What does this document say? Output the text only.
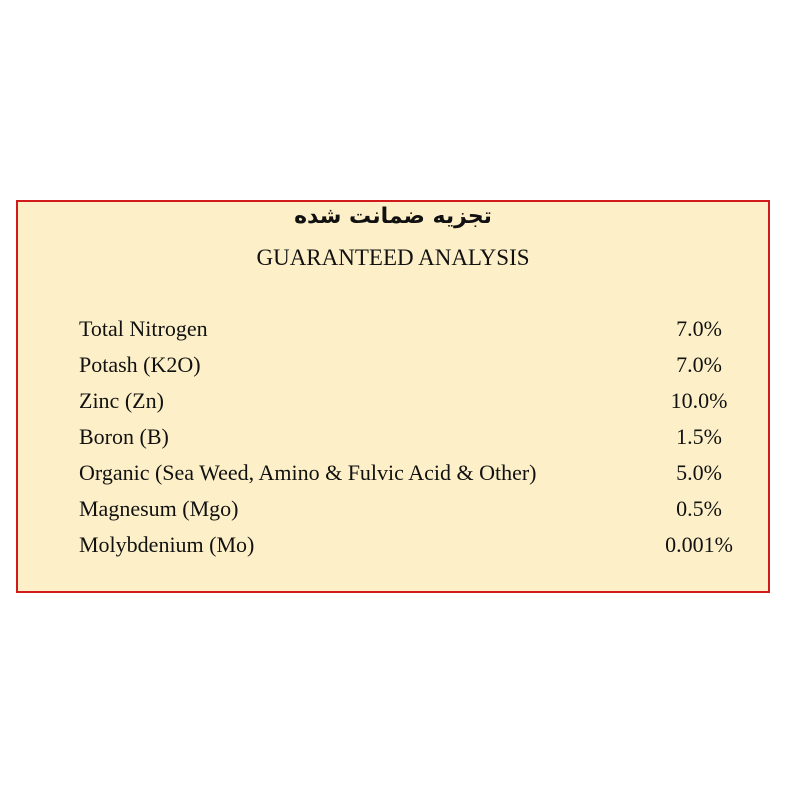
تجزیه ضمانت شده
GUARANTEED ANALYSIS
Total Nitrogen	7.0%
Potash (K2O)	7.0%
Zinc (Zn)	10.0%
Boron (B)	1.5%
Organic (Sea Weed, Amino & Fulvic Acid & Other)	5.0%
Magnesum (Mgo)	0.5%
Molybdenium (Mo)	0.001%
